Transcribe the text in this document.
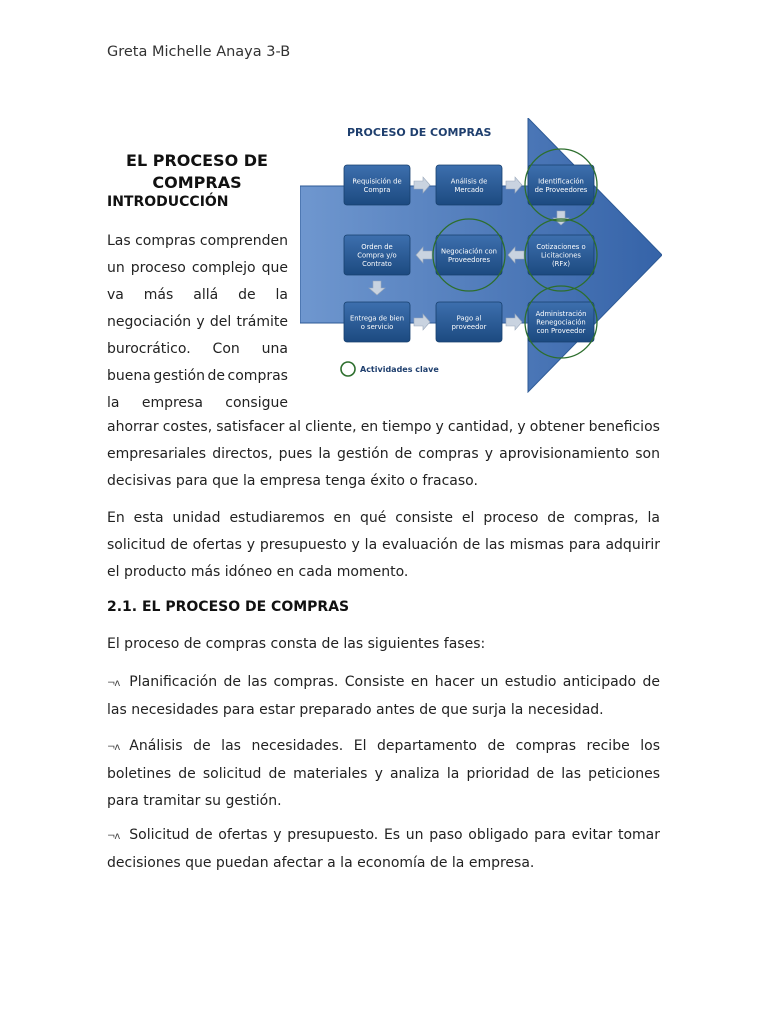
Greta Michelle Anaya 3-B
EL PROCESO DE
COMPRAS
INTRODUCCIÓN
Las compras comprenden
un proceso complejo que
va más allá de la
negociación y del trámite
burocrático. Con una
buena gestión de compras
la empresa consigue
ahorrar costes, satisfacer al cliente, en tiempo y cantidad, y obtener beneficios
empresariales directos, pues la gestión de compras y aprovisionamiento son
decisivas para que la empresa tenga éxito o fracaso.
En esta unidad estudiaremos en qué consiste el proceso de compras, la solicitud de ofertas y presupuesto y la evaluación de las mismas para adquirir el producto más idóneo en cada momento.
2.1. EL PROCESO DE COMPRAS
El proceso de compras consta de las siguientes fases:
¬ᴧ Planificación de las compras. Consiste en hacer un estudio anticipado de las necesidades para estar preparado antes de que surja la necesidad.
¬ᴧ Análisis de las necesidades. El departamento de compras recibe los boletines de solicitud de materiales y analiza la prioridad de las peticiones para tramitar su gestión.
¬ᴧ Solicitud de ofertas y presupuesto. Es un paso obligado para evitar tomar decisiones que puedan afectar a la economía de la empresa.
PROCESO DE COMPRAS
Requisición de
Compra
Análisis de
Mercado
Identificación
de Proveedores
Orden de
Compra y/o
Contrato
Negociación con
Proveedores
Cotizaciones o
Licitaciones
(RFx)
Entrega de bien
o servicio
Pago al
proveedor
Administración
Renegociación
con Proveedor
Actividades clave
